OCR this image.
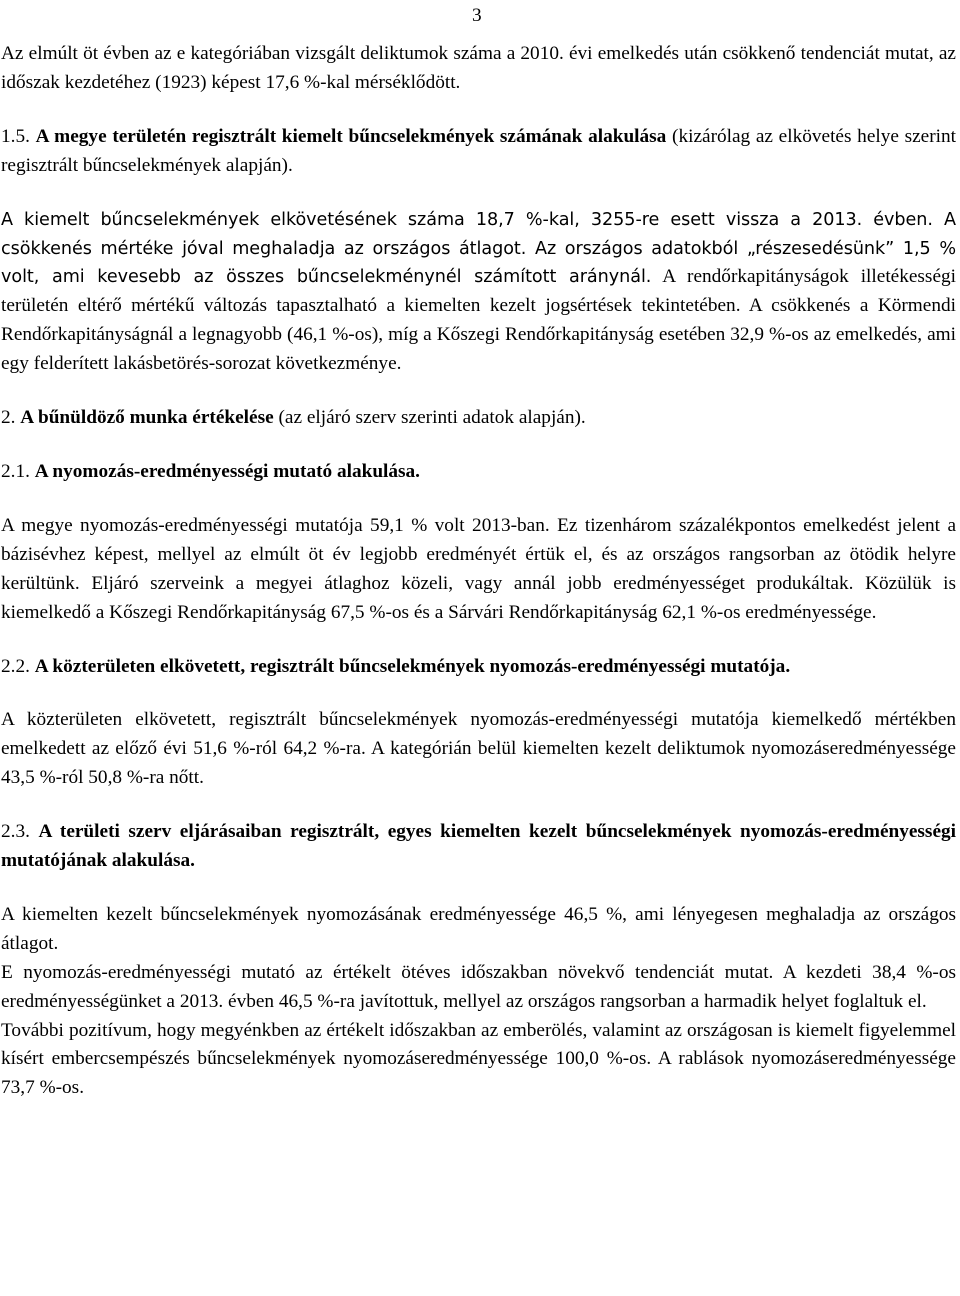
3

Az elmúlt öt évben az e kategóriában vizsgált deliktumok száma a 2010. évi emelkedés után csökkenő tendenciát mutat, az időszak kezdetéhez (1923) képest 17,6 %-kal mérséklődött.

1.5. A megye területén regisztrált kiemelt bűncselekmények számának alakulása (kizárólag az elkövetés helye szerint regisztrált bűncselekmények alapján).

A kiemelt bűncselekmények elkövetésének száma 18,7 %-kal, 3255-re esett vissza a 2013. évben. A csökkenés mértéke jóval meghaladja az országos átlagot. Az országos adatokból „részesedésünk” 1,5 % volt, ami kevesebb az összes bűncselekménynél számított aránynál. A rendőrkapitányságok illetékességi területén eltérő mértékű változás tapasztalható a kiemelten kezelt jogsértések tekintetében. A csökkenés a Körmendi Rendőrkapitányságnál a legnagyobb (46,1 %-os), míg a Kőszegi Rendőrkapitányság esetében 32,9 %-os az emelkedés, ami egy felderített lakásbetörés-sorozat következménye.

2. A bűnüldöző munka értékelése (az eljáró szerv szerinti adatok alapján).

2.1. A nyomozás-eredményességi mutató alakulása.

A megye nyomozás-eredményességi mutatója 59,1 % volt 2013-ban. Ez tizenhárom százalékpontos emelkedést jelent a bázisévhez képest, mellyel az elmúlt öt év legjobb eredményét értük el, és az országos rangsorban az ötödik helyre kerültünk. Eljáró szerveink a megyei átlaghoz közeli, vagy annál jobb eredményességet produkáltak. Közülük is kiemelkedő a Kőszegi Rendőrkapitányság 67,5 %-os és a Sárvári Rendőrkapitányság 62,1 %-os eredményessége.

2.2. A közterületen elkövetett, regisztrált bűncselekmények nyomozás-eredményességi mutatója.

A közterületen elkövetett, regisztrált bűncselekmények nyomozás-eredményességi mutatója kiemelkedő mértékben emelkedett az előző évi 51,6 %-ról 64,2 %-ra. A kategórián belül kiemelten kezelt deliktumok nyomozáseredményessége 43,5 %-ról 50,8 %-ra nőtt.

2.3. A területi szerv eljárásaiban regisztrált, egyes kiemelten kezelt bűncselekmények nyomozás-eredményességi mutatójának alakulása.

A kiemelten kezelt bűncselekmények nyomozásának eredményessége 46,5 %, ami lényegesen meghaladja az országos átlagot.

E nyomozás-eredményességi mutató az értékelt ötéves időszakban növekvő tendenciát mutat. A kezdeti 38,4 %-os eredményességünket a 2013. évben 46,5 %-ra javítottuk, mellyel az országos rangsorban a harmadik helyet foglaltuk el.

További pozitívum, hogy megyénkben az értékelt időszakban az emberölés, valamint az országosan is kiemelt figyelemmel kísért embercsempészés bűncselekmények nyomozáseredményessége 100,0 %-os. A rablások nyomozáseredményessége 73,7 %-os.
